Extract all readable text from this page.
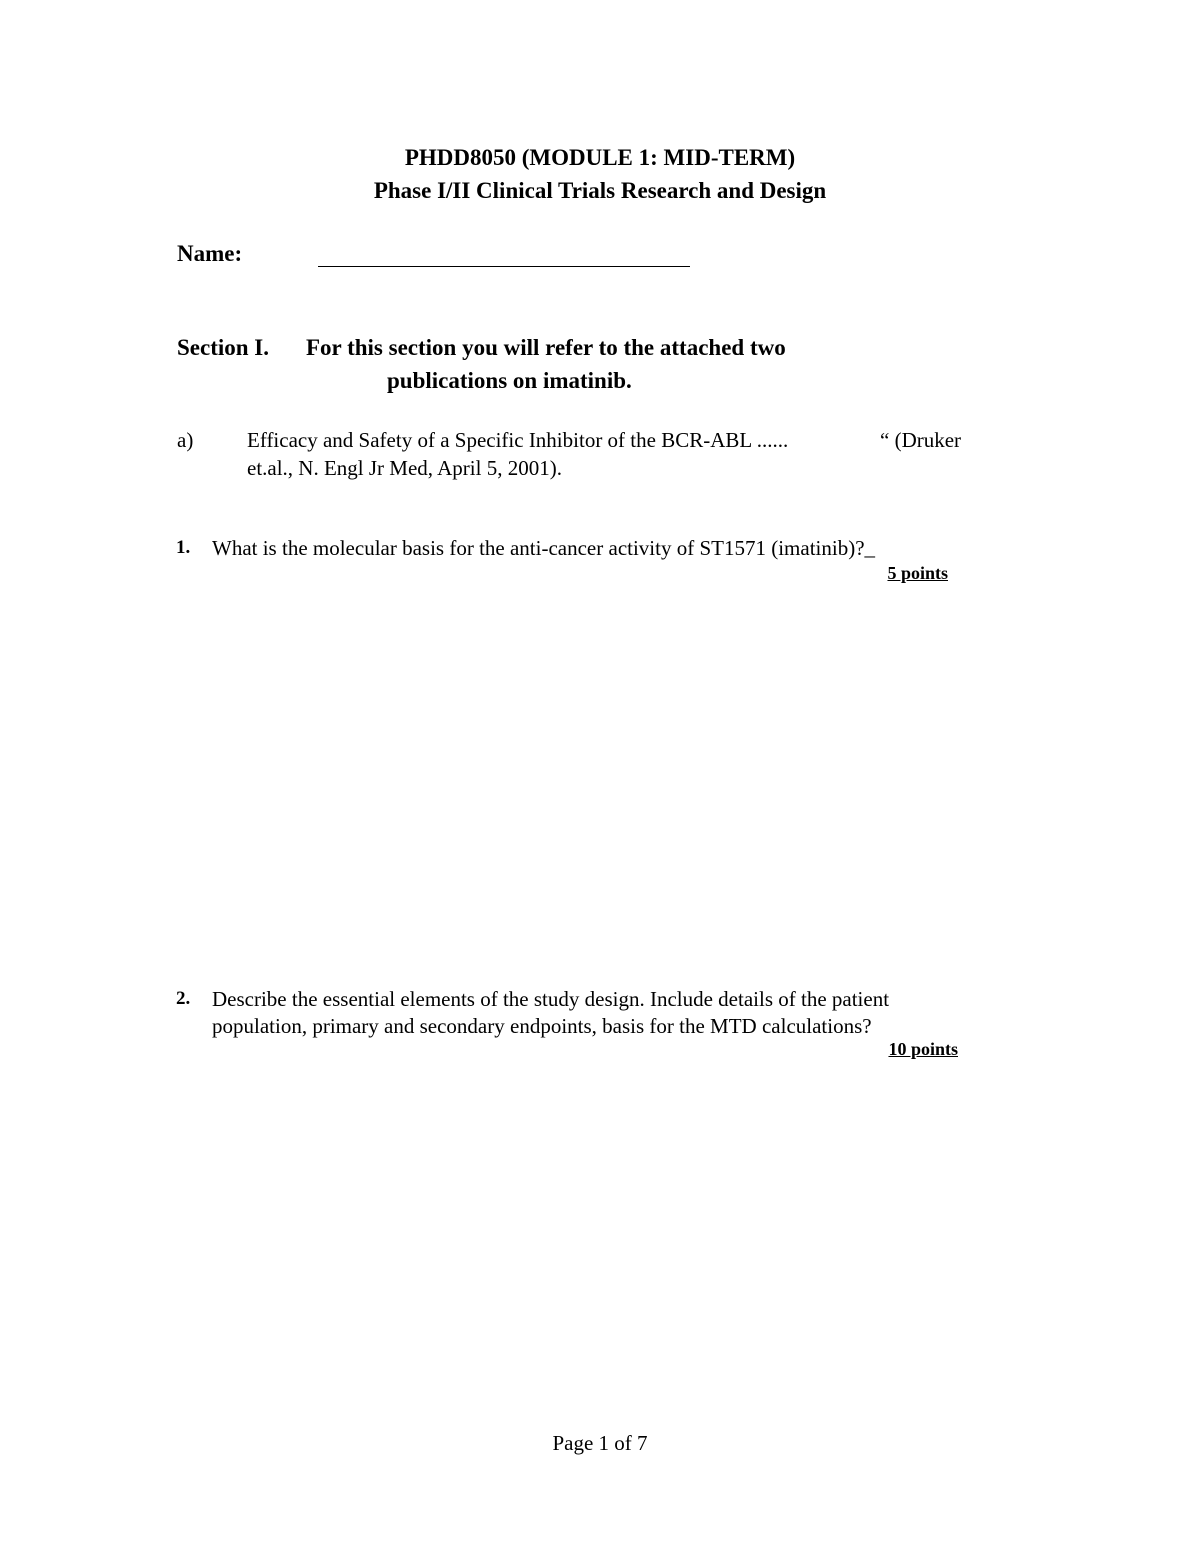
PHDD8050 (MODULE 1: MID-TERM)
Phase I/II Clinical Trials Research and Design
Name:
Section I. For this section you will refer to the attached two
publications on imatinib.
a)	Efficacy and Safety of a Specific Inhibitor of the BCR-ABL ......	“ (Druker
et.al., N. Engl Jr Med, April 5, 2001).
1. What is the molecular basis for the anti-cancer activity of ST1571 (imatinib)?_
5 points
2. Describe the essential elements of the study design. Include details of the patient
population, primary and secondary endpoints, basis for the MTD calculations?
10 points
Page 1 of 7
